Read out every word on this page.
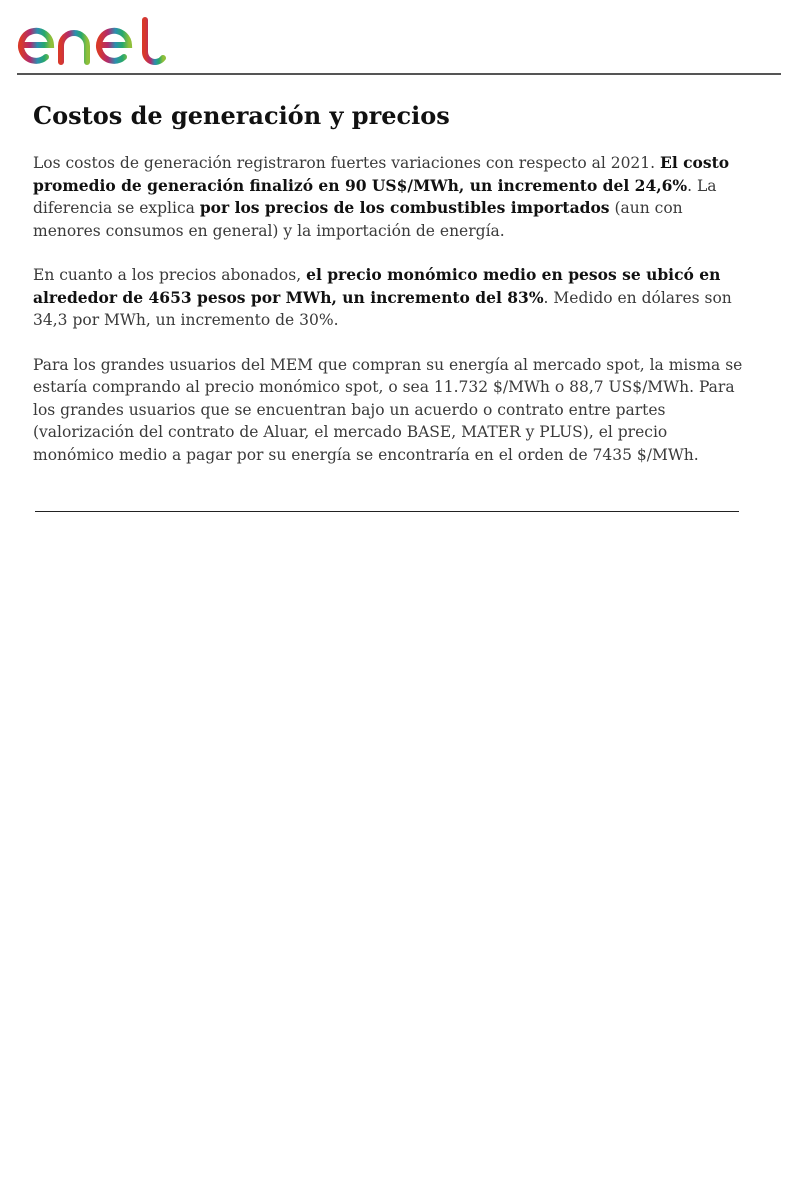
Costos de generación y precios

Los costos de generación registraron fuertes variaciones con respecto al 2021. El costo promedio de generación finalizó en 90 US$/MWh, un incremento del 24,6%. La diferencia se explica por los precios de los combustibles importados (aun con menores consumos en general) y la importación de energía.

En cuanto a los precios abonados, el precio monómico medio en pesos se ubicó en alrededor de 4653 pesos por MWh, un incremento del 83%. Medido en dólares son 34,3 por MWh, un incremento de 30%.

Para los grandes usuarios del MEM que compran su energía al mercado spot, la misma se estaría comprando al precio monómico spot, o sea 11.732 $/MWh o 88,7 US$/MWh. Para los grandes usuarios que se encuentran bajo un acuerdo o contrato entre partes (valorización del contrato de Aluar, el mercado BASE, MATER y PLUS), el precio monómico medio a pagar por su energía se encontraría en el orden de 7435 $/MWh.
